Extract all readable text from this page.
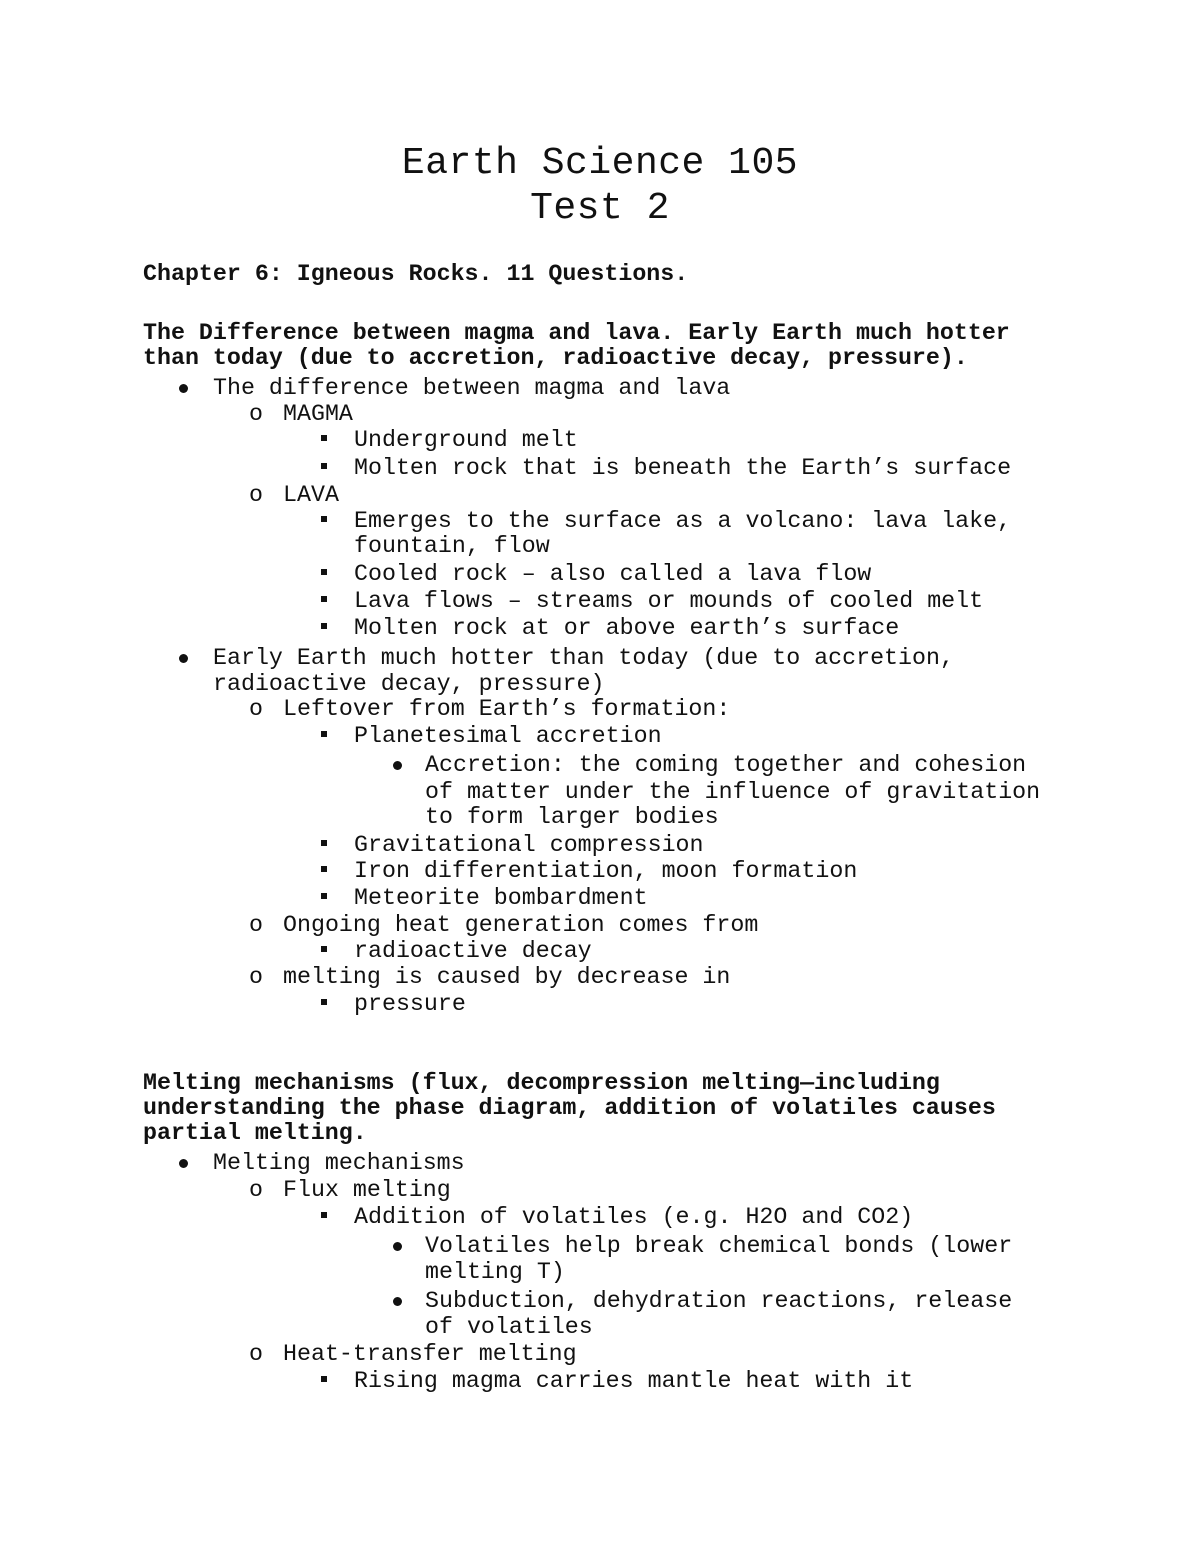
Earth Science 105
Test 2
Chapter 6: Igneous Rocks. 11 Questions.
The Difference between magma and lava. Early Earth much hotter
than today (due to accretion, radioactive decay, pressure).
The difference between magma and lava
o MAGMA
Underground melt
Molten rock that is beneath the Earth’s surface
o LAVA
Emerges to the surface as a volcano: lava lake,
fountain, flow
Cooled rock – also called a lava flow
Lava flows – streams or mounds of cooled melt
Molten rock at or above earth’s surface
Early Earth much hotter than today (due to accretion,
radioactive decay, pressure)
o Leftover from Earth’s formation:
Planetesimal accretion
Accretion: the coming together and cohesion
of matter under the influence of gravitation
to form larger bodies
Gravitational compression
Iron differentiation, moon formation
Meteorite bombardment
o Ongoing heat generation comes from
radioactive decay
o melting is caused by decrease in
pressure
Melting mechanisms (flux, decompression melting—including
understanding the phase diagram, addition of volatiles causes
partial melting.
Melting mechanisms
o Flux melting
Addition of volatiles (e.g. H2O and CO2)
Volatiles help break chemical bonds (lower
melting T)
Subduction, dehydration reactions, release
of volatiles
o Heat-transfer melting
Rising magma carries mantle heat with it
